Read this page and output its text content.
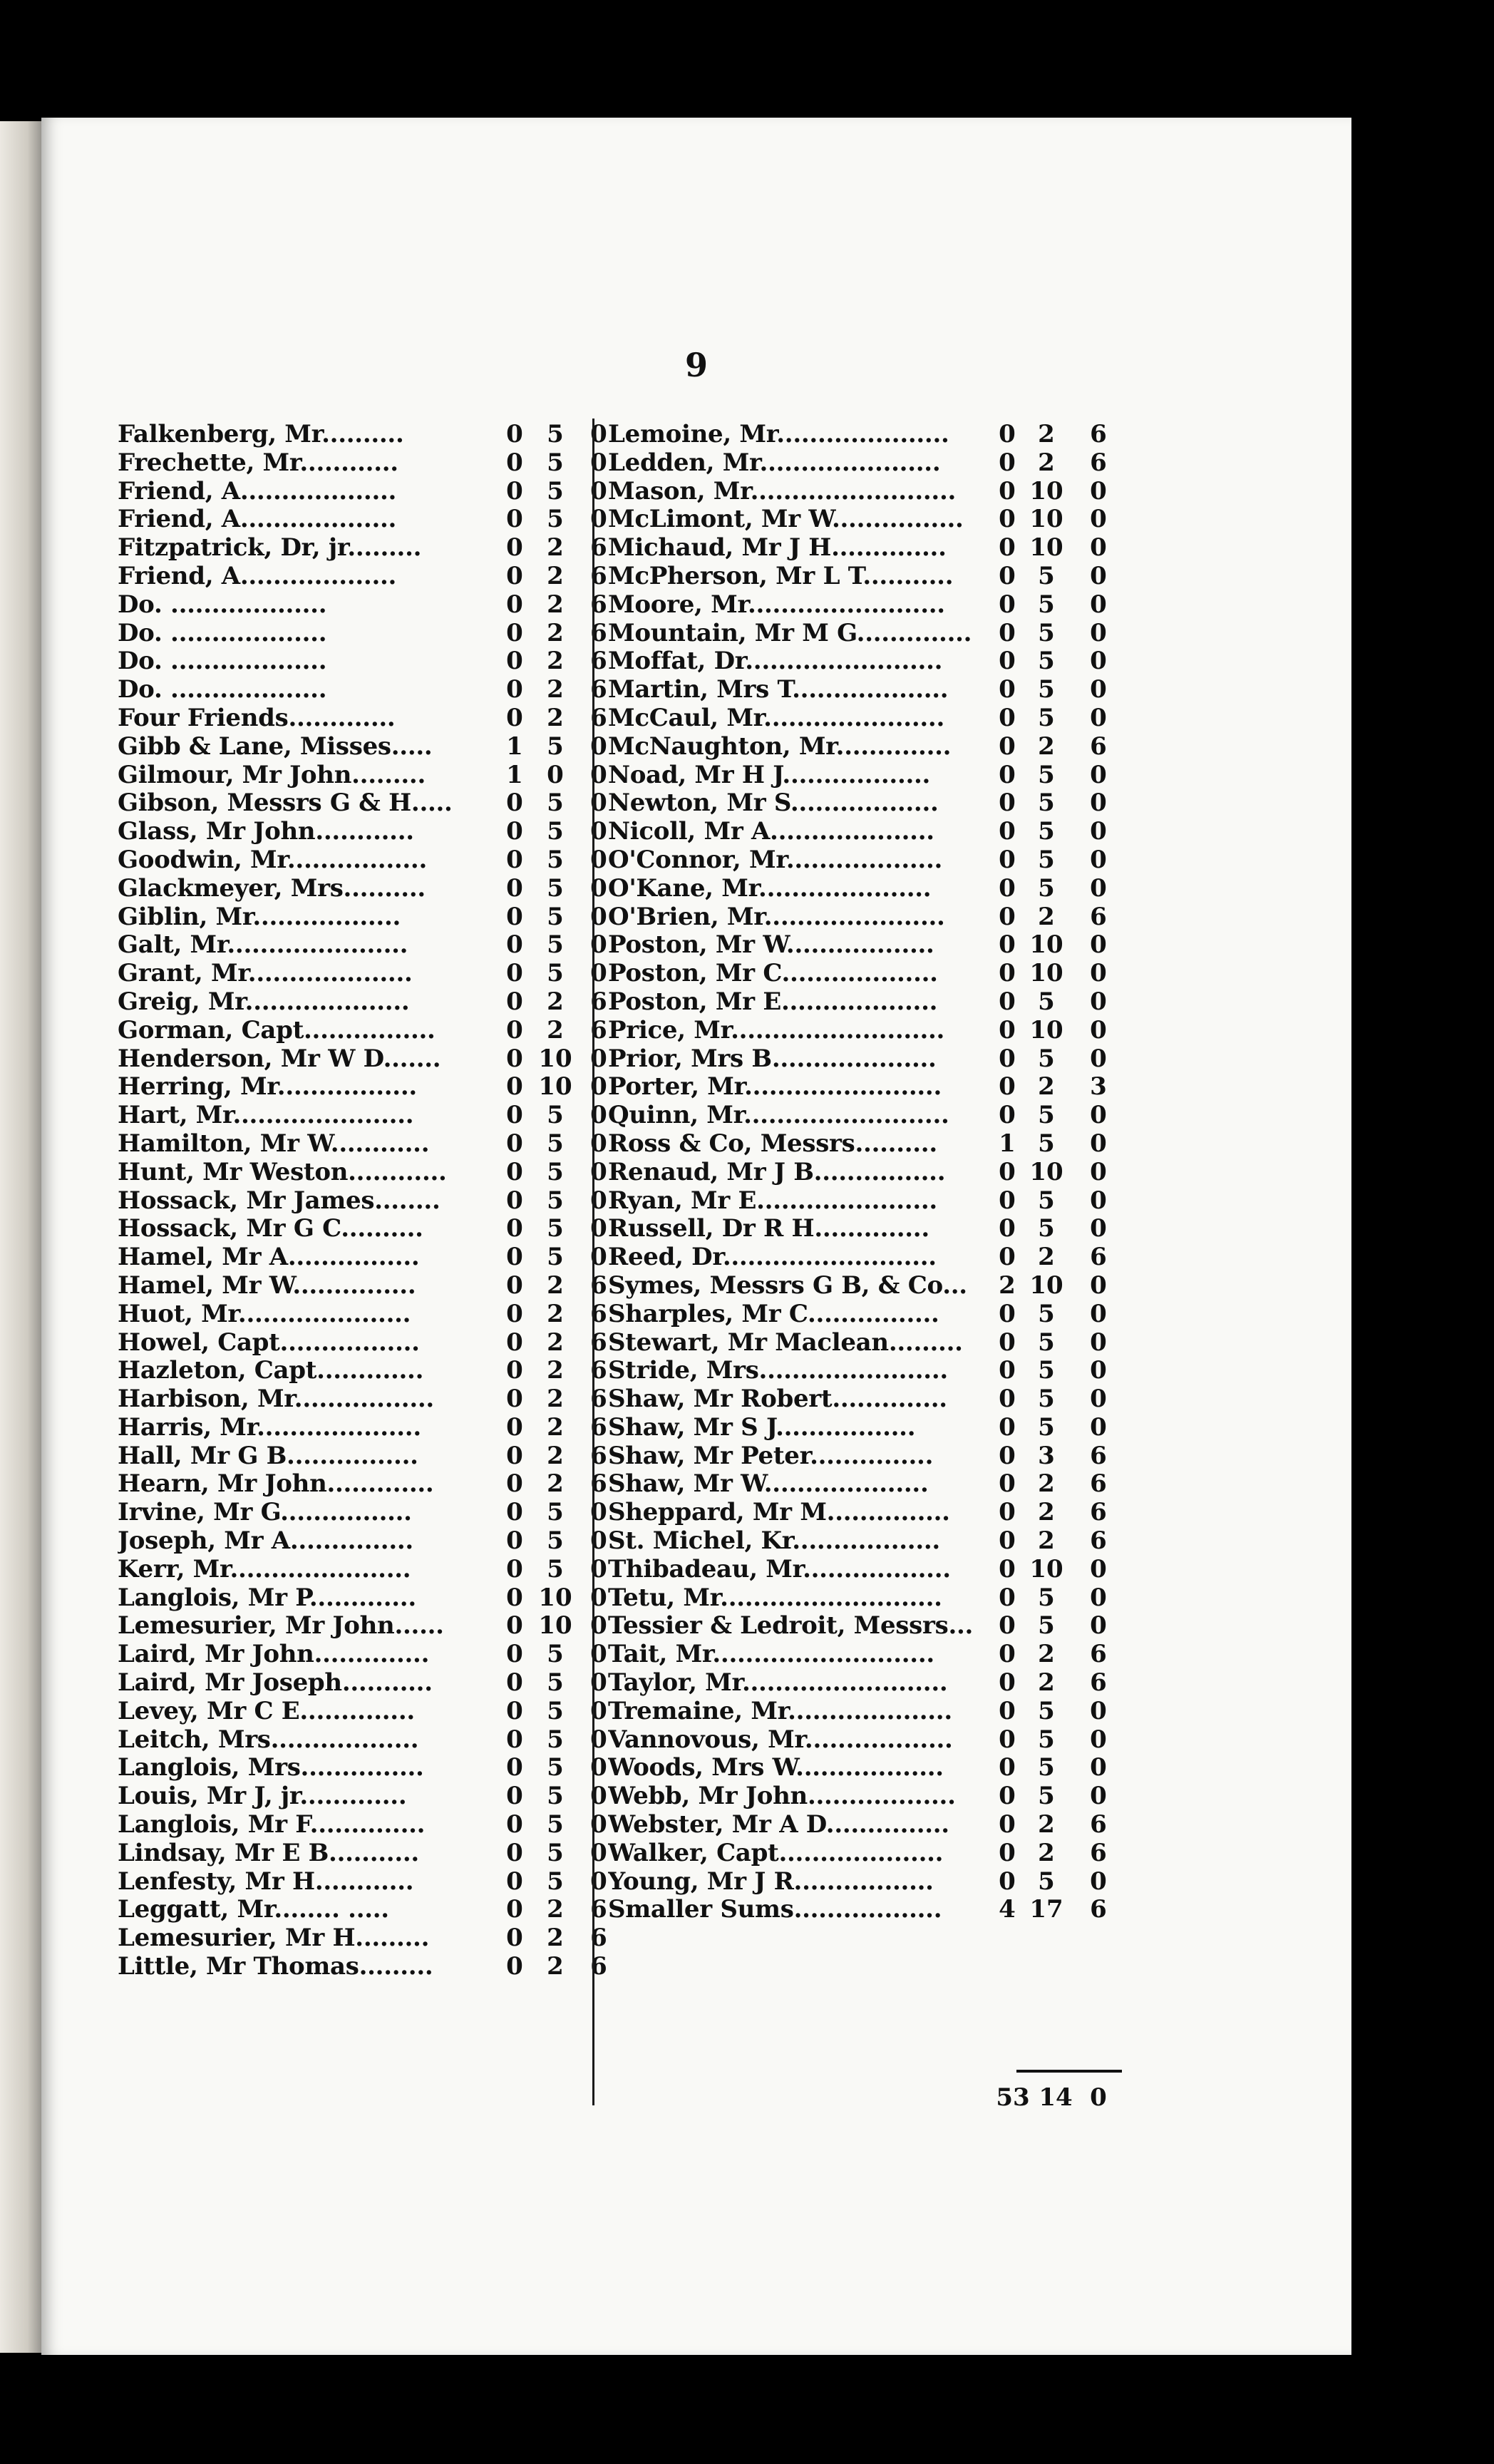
9
Falkenberg, Mr..........	0 5	0
Frechette, Mr............	0 5	0
Friend, A...................	0 5	0
Friend, A...................	0 5	0
Fitzpatrick, Dr, jr.........	0 2	6
Friend, A...................	0 2	6
Do. ...................	0 2	6
Do. ...................	0 2	6
Do. ...................	0 2	6
Do. ...................	0 2	6
Four Friends.............	0 2	6
Gibb & Lane, Misses.....	1 5	0
Gilmour, Mr John.........	1 0	0
Gibson, Messrs G & H..... 0 5	0
Glass, Mr John............	0 5	0
Goodwin, Mr.................	0 5	0
Glackmeyer, Mrs..........	0 5	0
Giblin, Mr..................	0 5	0
Galt, Mr......................	0 5	0
Grant, Mr....................	0 5	0
Greig, Mr....................	0 2	6
Gorman, Capt................	0 2	6
Henderson, Mr W D.......	0 10 0
Herring, Mr.................	0 10 0
Hart, Mr......................	0 5	0
Hamilton, Mr W............	0 5	0
Hunt, Mr Weston............ 0 5	0
Hossack, Mr James........	0 5	0
Hossack, Mr G C..........	0 5	0
Hamel, Mr A................	0 5	0
Hamel, Mr W...............	0 2	6
Huot, Mr.....................	0 2	6
Howel, Capt.................	0 2	6
Hazleton, Capt.............	0 2	6
Harbison, Mr.................	0 2	6
Harris, Mr....................	0 2	6
Hall, Mr G B................	0 2	6
Hearn, Mr John.............	0 2	6
Irvine, Mr G................	0 5	0
Joseph, Mr A...............	0 5	0
Kerr, Mr......................	0 5	0
Langlois, Mr P.............	0 10 0
Lemesurier, Mr John......	0 10 0
Laird, Mr John..............	0 5	0
Laird, Mr Joseph...........	0 5	0
Levey, Mr C E..............	0 5	0
Leitch, Mrs..................	0 5	0
Langlois, Mrs...............	0 5	0
Louis, Mr J, jr.............	0 5	0
Langlois, Mr F..............	0 5	0
Lindsay, Mr E B...........	0 5	0
Lenfesty, Mr H............	0 5	0
Leggatt, Mr........ .....	0 2	6
Lemesurier, Mr H.........	0 2	6
Little, Mr Thomas.........	0 2	6
Lemoine, Mr..................... 0 2	6
Ledden, Mr...................... 0 2	6
Mason, Mr......................... 0 10 0
McLimont, Mr W................ 0 10 0
Michaud, Mr J H.............. 0 10 0
McPherson, Mr L T........... 0 5	0
Moore, Mr........................ 0 5	0
Mountain, Mr M G.............. 0 5	0
Moffat, Dr........................ 0 5	0
Martin, Mrs T................... 0 5	0
McCaul, Mr...................... 0 5	0
McNaughton, Mr.............. 0 2	6
Noad, Mr H J..................	0 5	0
Newton, Mr S.................. 0 5	0
Nicoll, Mr A....................	0 5	0
O'Connor, Mr................... 0 5	0
O'Kane, Mr.....................	0 5	0
O'Brien, Mr...................... 0 2	6
Poston, Mr W..................	0 10 0
Poston, Mr C...................	0 10 0
Poston, Mr E...................	0 5	0
Price, Mr.......................... 0 10 0
Prior, Mrs B....................	0 5	0
Porter, Mr........................ 0 2	3
Quinn, Mr......................... 0 5	0
Ross & Co, Messrs..........	1 5	0
Renaud, Mr J B................ 0 10 0
Ryan, Mr E......................	0 5	0
Russell, Dr R H..............	0 5	0
Reed, Dr..........................	0 2	6
Symes, Messrs G B, & Co... 2 10 0
Sharples, Mr C................ 0 5	0
Stewart, Mr Maclean......... 0 5	0
Stride, Mrs....................... 0 5	0
Shaw, Mr Robert.............. 0 5	0
Shaw, Mr S J.................	0 5	0
Shaw, Mr Peter...............	0 3	6
Shaw, Mr W....................	0 2	6
Sheppard, Mr M............... 0 2	6
St. Michel, Kr.................. 0 2	6
Thibadeau, Mr.................. 0 10 0
Tetu, Mr........................... 0 5	0
Tessier & Ledroit, Messrs... 0 5	0
Tait, Mr...........................	0 2	6
Taylor, Mr......................... 0 2	6
Tremaine, Mr.................... 0 5	0
Vannovous, Mr.................. 0 5	0
Woods, Mrs W.................. 0 5	0
Webb, Mr John.................. 0 5	0
Webster, Mr A D............... 0 2	6
Walker, Capt.................... 0 2	6
Young, Mr J R.................	0 5	0
Smaller Sums.................. 4 17 6
53 14 0
